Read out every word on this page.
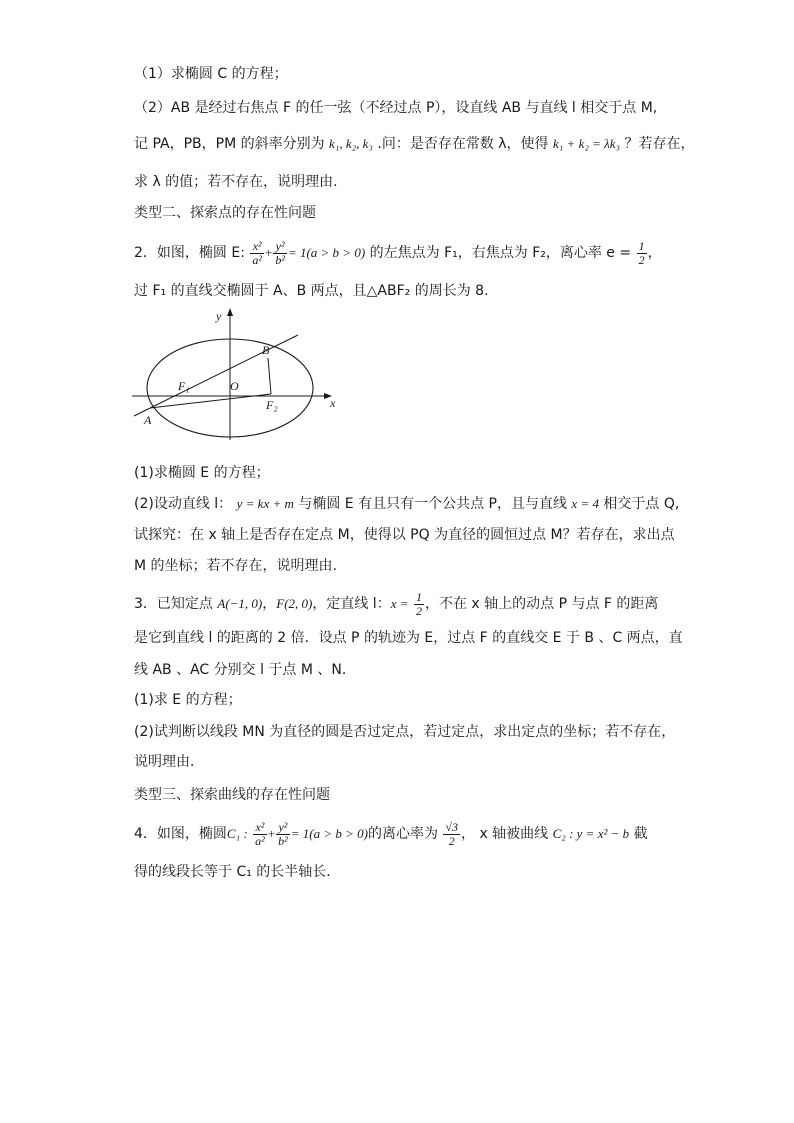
（1）求椭圆 C 的方程；
（2）AB 是经过右焦点 F 的任一弦（不经过点 P），设直线 AB 与直线 l 相交于点 M,
记 PA，PB，PM 的斜率分别为 k₁, k₂, k₃ .问：是否存在常数 λ，使得 k₁ + k₂ = λk₃ ？若存在，
求 λ 的值；若不存在，说明理由.
类型二、探索点的存在性问题
2．如图，椭圆 E: $\frac{\text{x²}}{\text{a²}} + \frac{\text{y²}}{\text{b²}} = 1(a > b > 0)$ 的左焦点为 F₁，右焦点为 F₂，离心率 $e = \frac{1}{2}$ ，
过 F₁ 的直线交椭圆于 A、B 两点，且△ABF₂ 的周长为 8.
y
B
F₁	O
F₂	x
A
(1)求椭圆 E 的方程；
(2)设动直线 l： y = kx + m 与椭圆 E 有且只有一个公共点 P，且与直线 x = 4 相交于点 Q,
试探究：在 x 轴上是否存在定点 M，使得以 PQ 为直径的圆恒过点 M？若存在，求出点
M 的坐标；若不存在，说明理由.
3．已知定点 A(−1, 0)，F(2, 0)，定直线 l：$x = \frac{1}{2}$ ，不在 x 轴上的动点 P 与点 F 的距离
是它到直线 l 的距离的 2 倍．设点 P 的轨迹为 E，过点 F 的直线交 E 于 B 、C 两点，直
线 AB 、AC 分别交 l 于点 M 、N．
(1)求 E 的方程；
(2)试判断以线段 MN 为直径的圆是否过定点，若过定点，求出定点的坐标；若不存在，
说明理由．
类型三、探索曲线的存在性问题
4．如图，椭圆C₁ : $\frac{\text{x²}}{\text{a²}} + \frac{\text{y²}}{\text{b²}} = 1(a > b > 0)$的离心率为 $\frac{√3}{2}$ ， x 轴被曲线 C₂ : y = x² − b 截
得的线段长等于 C₁ 的长半轴长．
